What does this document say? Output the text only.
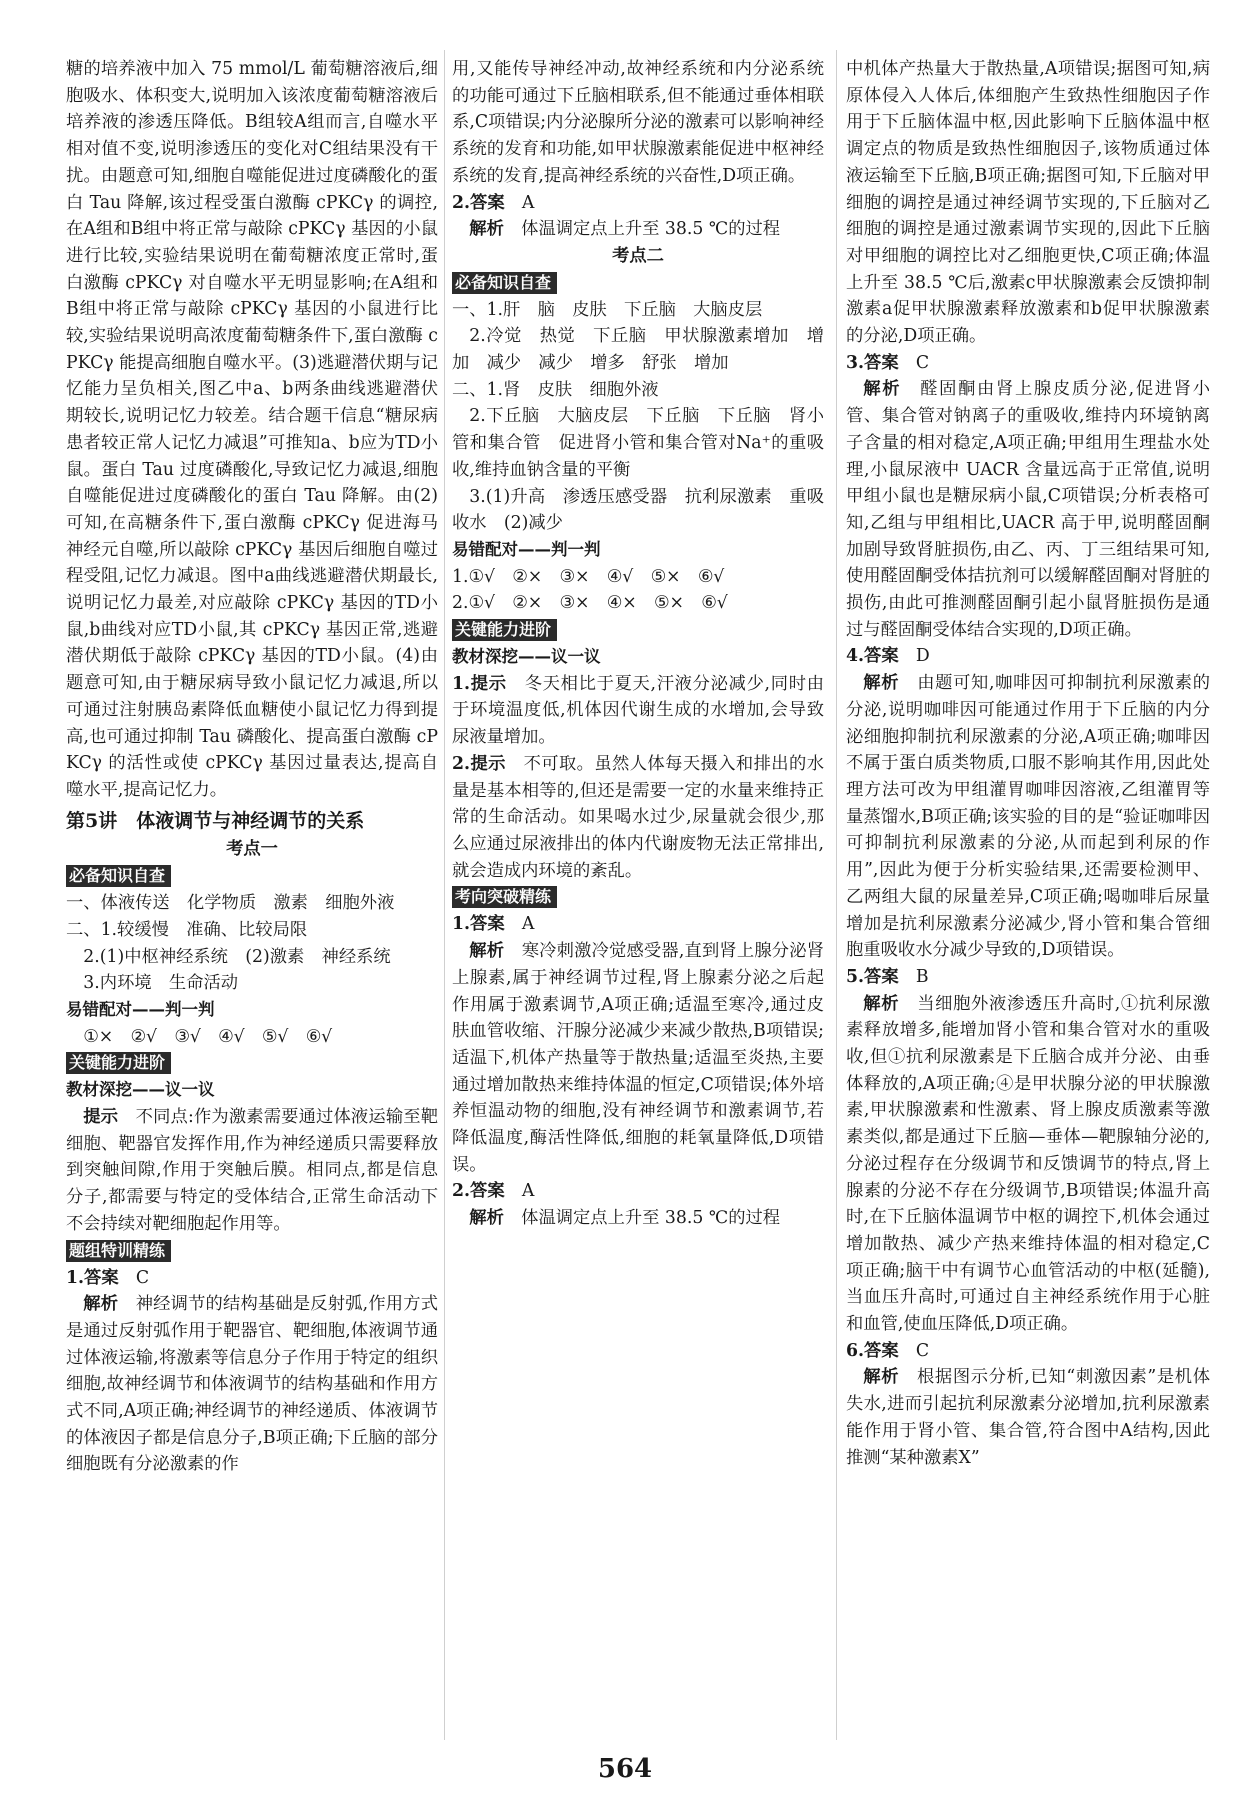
糖的培养液中加入 75 mmol/L 葡萄糖溶液后,细胞吸水、体积变大,说明加入该浓度葡萄糖溶液后培养液的渗透压降低。B组较A组而言,自噬水平相对值不变,说明渗透压的变化对C组结果没有干扰。由题意可知,细胞自噬能促进过度磷酸化的蛋白 Tau 降解,该过程受蛋白激酶 cPKCγ 的调控,在A组和B组中将正常与敲除 cPKCγ 基因的小鼠进行比较,实验结果说明在葡萄糖浓度正常时,蛋白激酶 cPKCγ 对自噬水平无明显影响;在A组和B组中将正常与敲除 cPKCγ 基因的小鼠进行比较,实验结果说明高浓度葡萄糖条件下,蛋白激酶 cPKCγ 能提高细胞自噬水平。(3)逃避潜伏期与记忆能力呈负相关,图乙中a、b两条曲线逃避潜伏期较长,说明记忆力较差。结合题干信息“糖尿病患者较正常人记忆力减退”可推知a、b应为TD小鼠。蛋白 Tau 过度磷酸化,导致记忆力减退,细胞自噬能促进过度磷酸化的蛋白 Tau 降解。由(2)可知,在高糖条件下,蛋白激酶 cPKCγ 促进海马神经元自噬,所以敲除 cPKCγ 基因后细胞自噬过程受阻,记忆力减退。图中a曲线逃避潜伏期最长,说明记忆力最差,对应敲除 cPKCγ 基因的TD小鼠,b曲线对应TD小鼠,其 cPKCγ 基因正常,逃避潜伏期低于敲除 cPKCγ 基因的TD小鼠。(4)由题意可知,由于糖尿病导致小鼠记忆力减退,所以可通过注射胰岛素降低血糖使小鼠记忆力得到提高,也可通过抑制 Tau 磷酸化、提高蛋白激酶 cPKCγ 的活性或使 cPKCγ 基因过量表达,提高自噬水平,提高记忆力。

第5讲　体液调节与神经调节的关系

考点一

必备知识自查

一、体液传送　化学物质　激素　细胞外液

二、1.较缓慢　准确、比较局限

2.(1)中枢神经系统　(2)激素　神经系统

3.内环境　生命活动

易错配对——判一判

①×　②√　③√　④√　⑤√　⑥√

关键能力进阶

教材深挖——议一议

提示　 不同点:作为激素需要通过体液运输至靶细胞、靶器官发挥作用,作为神经递质只需要释放到突触间隙,作用于突触后膜。相同点,都是信息分子,都需要与特定的受体结合,正常生命活动下不会持续对靶细胞起作用等。

题组特训精练

1.答案　 C

解析　 神经调节的结构基础是反射弧,作用方式是通过反射弧作用于靶器官、靶细胞,体液调节通过体液运输,将激素等信息分子作用于特定的组织细胞,故神经调节和体液调节的结构基础和作用方式不同,A项正确;神经调节的神经递质、体液调节的体液因子都是信息分子,B项正确;下丘脑的部分细胞既有分泌激素的作

用,又能传导神经冲动,故神经系统和内分泌系统的功能可通过下丘脑相联系,但不能通过垂体相联系,C项错误;内分泌腺所分泌的激素可以影响神经系统的发育和功能,如甲状腺激素能促进中枢神经系统的发育,提高神经系统的兴奋性,D项正确。

2.答案　 A

解析　 体温调定点上升至 38.5 ℃的过程

考点二

必备知识自查

一、1.肝　脑　皮肤　下丘脑　大脑皮层

2.冷觉　热觉　下丘脑　甲状腺激素增加　增加　减少　减少　增多　舒张　增加

二、1.肾　皮肤　细胞外液

2.下丘脑　大脑皮层　下丘脑　下丘脑　肾小管和集合管　促进肾小管和集合管对Na⁺的重吸收,维持血钠含量的平衡

3.(1)升高　渗透压感受器　抗利尿激素　重吸收水　(2)减少

易错配对——判一判

1.①√　②×　③×　④√　⑤×　⑥√

2.①√　②×　③×　④×　⑤×　⑥√

关键能力进阶

教材深挖——议一议

1.提示　 冬天相比于夏天,汗液分泌减少,同时由于环境温度低,机体因代谢生成的水增加,会导致尿液量增加。

2.提示　 不可取。虽然人体每天摄入和排出的水量是基本相等的,但还是需要一定的水量来维持正常的生命活动。如果喝水过少,尿量就会很少,那么应通过尿液排出的体内代谢废物无法正常排出,就会造成内环境的紊乱。

考向突破精练

1.答案　 A

解析　 寒冷刺激冷觉感受器,直到肾上腺分泌肾上腺素,属于神经调节过程,肾上腺素分泌之后起作用属于激素调节,A项正确;适温至寒冷,通过皮肤血管收缩、汗腺分泌减少来减少散热,B项错误;适温下,机体产热量等于散热量;适温至炎热,主要通过增加散热来维持体温的恒定,C项错误;体外培养恒温动物的细胞,没有神经调节和激素调节,若降低温度,酶活性降低,细胞的耗氧量降低,D项错误。

2.答案　 A

解析　 体温调定点上升至 38.5 ℃的过程

中机体产热量大于散热量,A项错误;据图可知,病原体侵入人体后,体细胞产生致热性细胞因子作用于下丘脑体温中枢,因此影响下丘脑体温中枢调定点的物质是致热性细胞因子,该物质通过体液运输至下丘脑,B项正确;据图可知,下丘脑对甲细胞的调控是通过神经调节实现的,下丘脑对乙细胞的调控是通过激素调节实现的,因此下丘脑对甲细胞的调控比对乙细胞更快,C项正确;体温上升至 38.5 ℃后,激素c甲状腺激素会反馈抑制激素a促甲状腺激素释放激素和b促甲状腺激素的分泌,D项正确。

3.答案　 C

解析　 醛固酮由肾上腺皮质分泌,促进肾小管、集合管对钠离子的重吸收,维持内环境钠离子含量的相对稳定,A项正确;甲组用生理盐水处理,小鼠尿液中 UACR 含量远高于正常值,说明甲组小鼠也是糖尿病小鼠,C项错误;分析表格可知,乙组与甲组相比,UACR 高于甲,说明醛固酮加剧导致肾脏损伤,由乙、丙、丁三组结果可知,使用醛固酮受体拮抗剂可以缓解醛固酮对肾脏的损伤,由此可推测醛固酮引起小鼠肾脏损伤是通过与醛固酮受体结合实现的,D项正确。

4.答案　 D

解析　 由题可知,咖啡因可抑制抗利尿激素的分泌,说明咖啡因可能通过作用于下丘脑的内分泌细胞抑制抗利尿激素的分泌,A项正确;咖啡因不属于蛋白质类物质,口服不影响其作用,因此处理方法可改为甲组灌胃咖啡因溶液,乙组灌胃等量蒸馏水,B项正确;该实验的目的是“验证咖啡因可抑制抗利尿激素的分泌,从而起到利尿的作用”,因此为便于分析实验结果,还需要检测甲、乙两组大鼠的尿量差异,C项正确;喝咖啡后尿量增加是抗利尿激素分泌减少,肾小管和集合管细胞重吸收水分减少导致的,D项错误。

5.答案　 B

解析　 当细胞外液渗透压升高时,①抗利尿激素释放增多,能增加肾小管和集合管对水的重吸收,但①抗利尿激素是下丘脑合成并分泌、由垂体释放的,A项正确;④是甲状腺分泌的甲状腺激素,甲状腺激素和性激素、肾上腺皮质激素等激素类似,都是通过下丘脑—垂体—靶腺轴分泌的,分泌过程存在分级调节和反馈调节的特点,肾上腺素的分泌不存在分级调节,B项错误;体温升高时,在下丘脑体温调节中枢的调控下,机体会通过增加散热、减少产热来维持体温的相对稳定,C项正确;脑干中有调节心血管活动的中枢(延髓),当血压升高时,可通过自主神经系统作用于心脏和血管,使血压降低,D项正确。

6.答案　 C

解析　 根据图示分析,已知“刺激因素”是机体失水,进而引起抗利尿激素分泌增加,抗利尿激素能作用于肾小管、集合管,符合图中A结构,因此推测“某种激素X”

564
